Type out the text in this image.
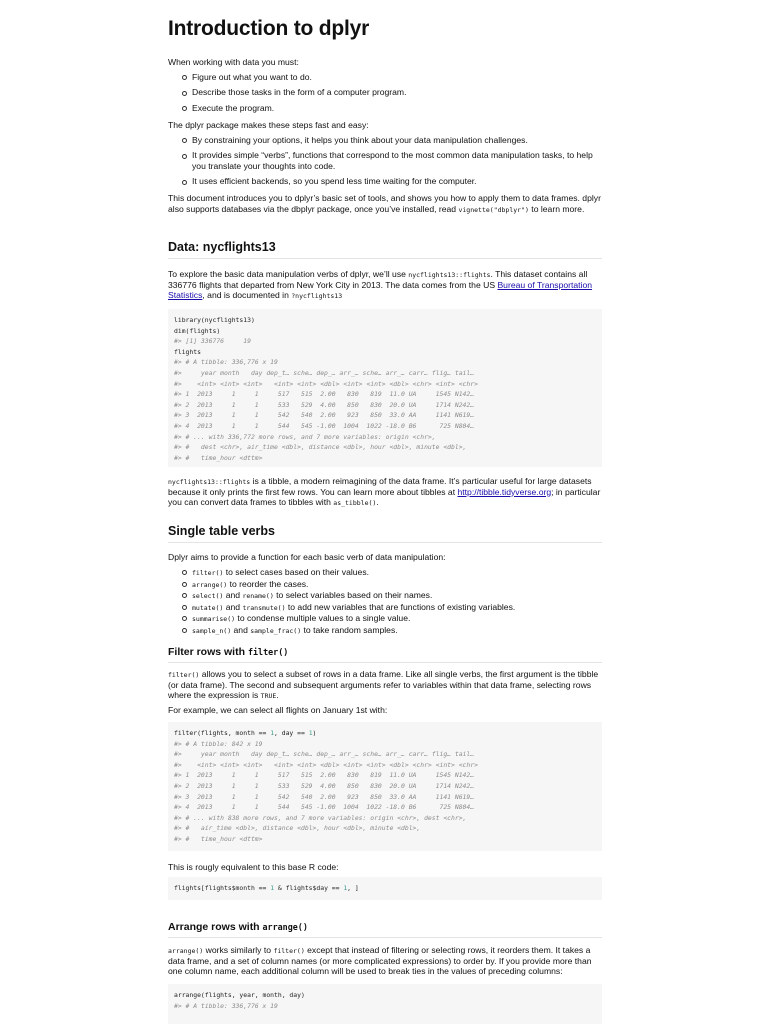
Introduction to dplyr

When working with data you must:

Figure out what you want to do.
Describe those tasks in the form of a computer program.
Execute the program.

The dplyr package makes these steps fast and easy:

By constraining your options, it helps you think about your data manipulation challenges.
It provides simple “verbs”, functions that correspond to the most common data manipulation tasks, to help you translate your thoughts into code.
It uses efficient backends, so you spend less time waiting for the computer.

This document introduces you to dplyr’s basic set of tools, and shows you how to apply them to data frames. dplyr also supports databases via the dbplyr package, once you’ve installed, read vignette("dbplyr") to learn more.

Data: nycflights13

To explore the basic data manipulation verbs of dplyr, we’ll use nycflights13::flights. This dataset contains all 336776 flights that departed from New York City in 2013. The data comes from the US Bureau of Transportation Statistics, and is documented in ?nycflights13

library(nycflights13)
dim(flights)
#> [1] 336776     19
flights
#> # A tibble: 336,776 x 19
#>     year month   day dep_t… sche… dep_… arr_… sche… arr_… carr… flig… tail…
#>    <int> <int> <int>   <int> <int> <dbl> <int> <int> <dbl> <chr> <int> <chr>
#> 1  2013     1     1     517   515  2.00   830   819  11.0 UA     1545 N142…
#> 2  2013     1     1     533   529  4.00   850   830  20.0 UA     1714 N242…
#> 3  2013     1     1     542   540  2.00   923   850  33.0 AA     1141 N619…
#> 4  2013     1     1     544   545 -1.00  1004  1022 -18.0 B6      725 N804…
#> # ... with 336,772 more rows, and 7 more variables: origin <chr>,
#> #   dest <chr>, air_time <dbl>, distance <dbl>, hour <dbl>, minute <dbl>,
#> #   time_hour <dttm>

nycflights13::flights is a tibble, a modern reimagining of the data frame. It’s particular useful for large datasets because it only prints the first few rows. You can learn more about tibbles at http://tibble.tidyverse.org; in particular you can convert data frames to tibbles with as_tibble().

Single table verbs

Dplyr aims to provide a function for each basic verb of data manipulation:

filter() to select cases based on their values.
arrange() to reorder the cases.
select() and rename() to select variables based on their names.
mutate() and transmute() to add new variables that are functions of existing variables.
summarise() to condense multiple values to a single value.
sample_n() and sample_frac() to take random samples.
Filter rows with filter()

filter() allows you to select a subset of rows in a data frame. Like all single verbs, the first argument is the tibble (or data frame). The second and subsequent arguments refer to variables within that data frame, selecting rows where the expression is TRUE.

For example, we can select all flights on January 1st with:

filter(flights, month == 1, day == 1)
#> # A tibble: 842 x 19
#>     year month   day dep_t… sche… dep_… arr_… sche… arr_… carr… flig… tail…
#>    <int> <int> <int>   <int> <int> <dbl> <int> <int> <dbl> <chr> <int> <chr>
#> 1  2013     1     1     517   515  2.00   830   819  11.0 UA     1545 N142…
#> 2  2013     1     1     533   529  4.00   850   830  20.0 UA     1714 N242…
#> 3  2013     1     1     542   540  2.00   923   850  33.0 AA     1141 N619…
#> 4  2013     1     1     544   545 -1.00  1004  1022 -18.0 B6      725 N804…
#> # ... with 838 more rows, and 7 more variables: origin <chr>, dest <chr>,
#> #   air_time <dbl>, distance <dbl>, hour <dbl>, minute <dbl>,
#> #   time_hour <dttm>

This is rougly equivalent to this base R code:

flights[flights$month == 1 & flights$day == 1, ]
Arrange rows with arrange()

arrange() works similarly to filter() except that instead of filtering or selecting rows, it reorders them. It takes a data frame, and a set of column names (or more complicated expressions) to order by. If you provide more than one column name, each additional column will be used to break ties in the values of preceding columns:

arrange(flights, year, month, day)
#> # A tibble: 336,776 x 19
